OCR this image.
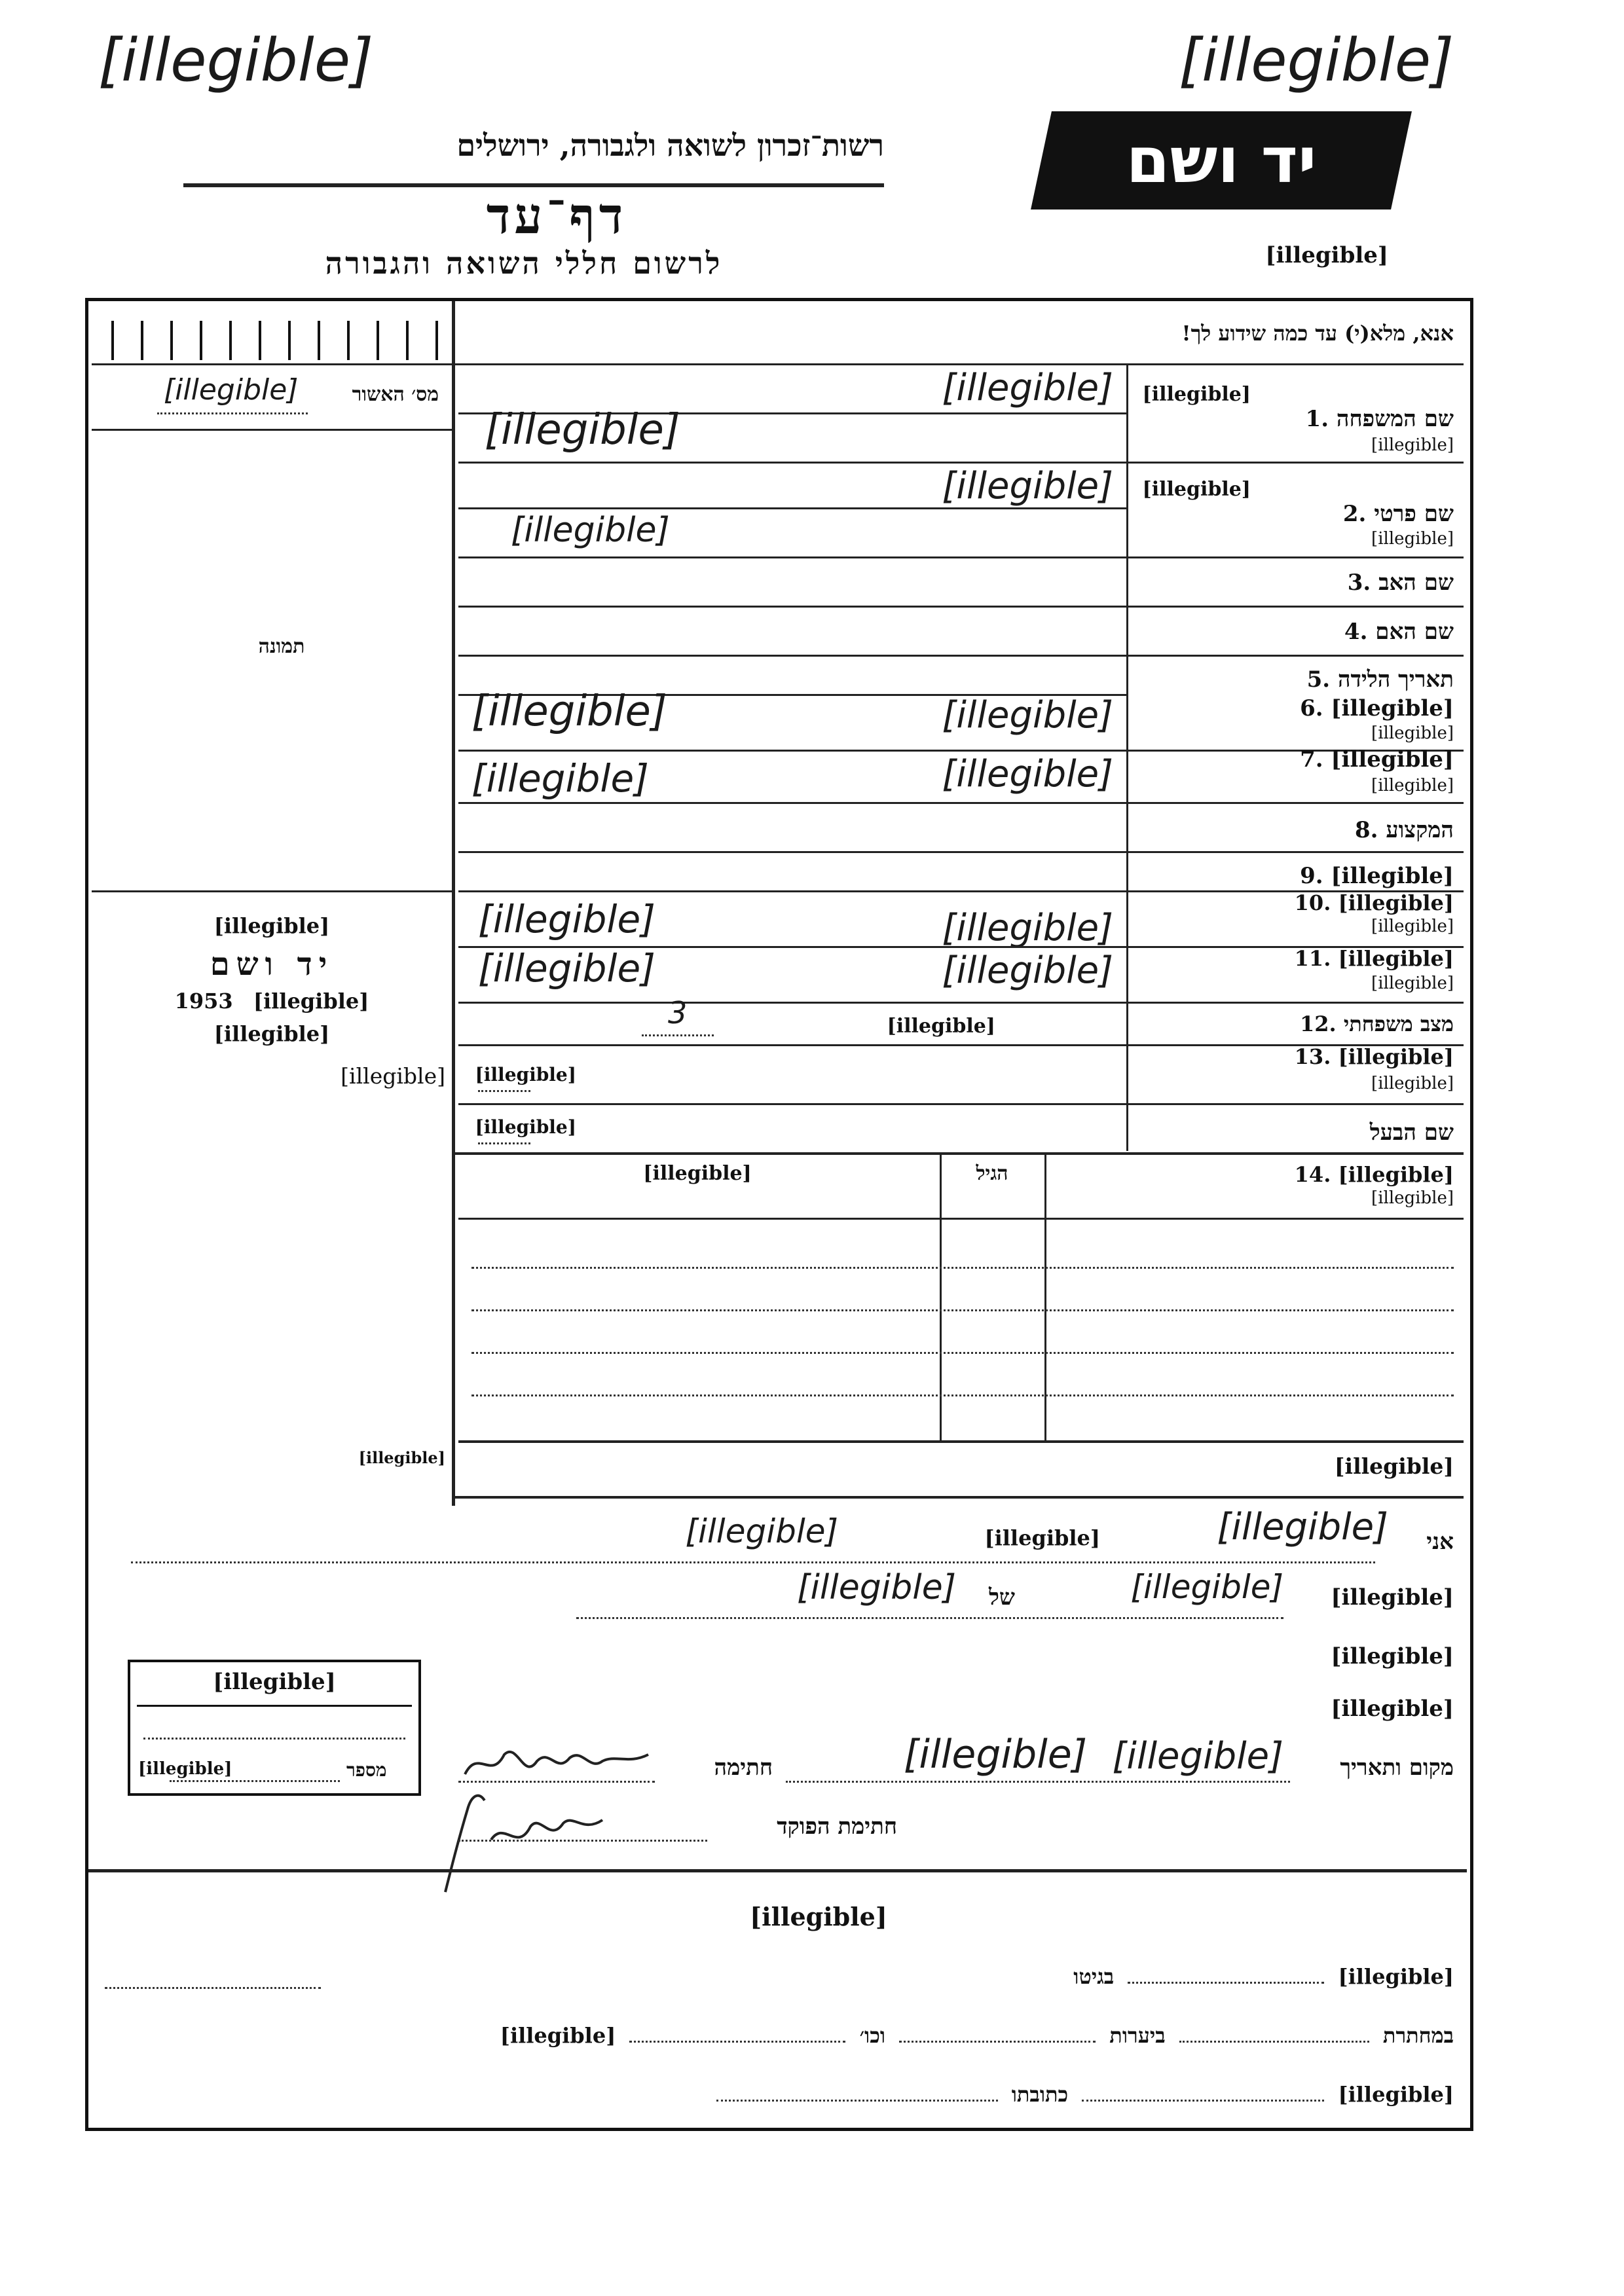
[illegible]	[illegible]
רשות־זכרון לשואה ולגבורה, ירושלים
דף־עד
לרשום חללי השואה והגבורה
יד ושם
[illegible]
מס׳ האשור
[illegible]
תמונה
[illegible]
יד ושם
1953 [illegible]
[illegible]
[illegible]
[illegible]
אנא, מלא(י) עד כמה שידוע לך!
[illegible]
שם המשפחה .1
[illegible]
[illegible]
[illegible]
[illegible]
שם פרטי .2
[illegible]
[illegible]
[illegible]
שם האב .3
שם האם .4
תאריך הלידה .5
[illegible] .6
[illegible]
[illegible]
[illegible]
[illegible] .7
[illegible]
[illegible]
[illegible]
המקצוע .8
[illegible] .9
[illegible] .10
[illegible]
[illegible]
[illegible]
[illegible] .11
[illegible]
[illegible]
[illegible]
מצב משפחתי .12
[illegible]
3
[illegible] .13
[illegible]
[illegible]
שם הבעל
[illegible]
[illegible] .14
[illegible]
הגיל
[illegible]
[illegible]
אני
[illegible]
[illegible]
[illegible]
[illegible]
[illegible]
של
[illegible]
[illegible]
[illegible]
מקום ותאריך
[illegible]
[illegible]
חתימה
חתימת הפוקד
[illegible]
[illegible]	מספר
[illegible]
[illegible]  בגיטו
במחתרת  ביערות  וכו׳  [illegible]
[illegible]  כתובתו
